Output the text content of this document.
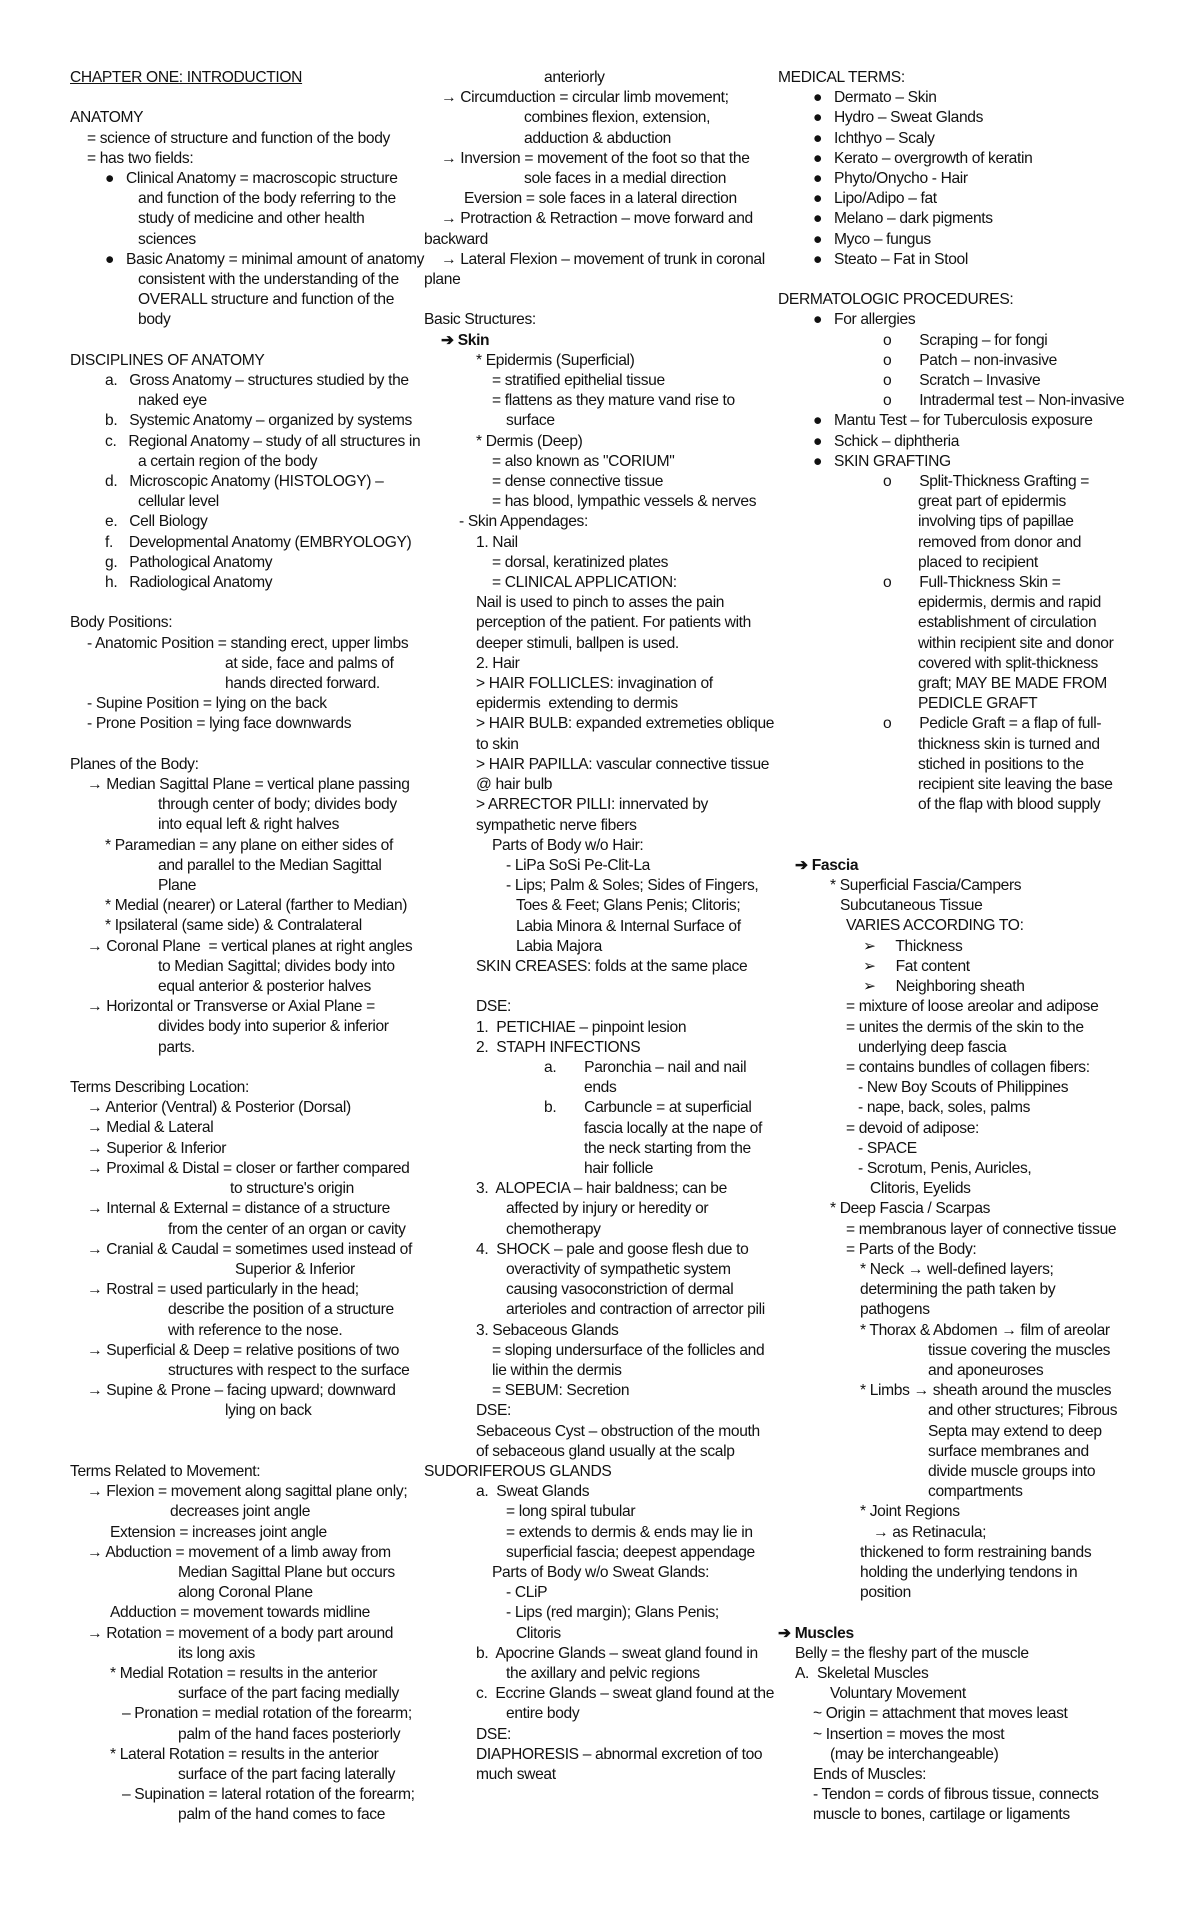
CHAPTER ONE: INTRODUCTION
ANATOMY
= science of structure and function of the body
= has two fields:
●   Clinical Anatomy = macroscopic structure
and function of the body referring to the
study of medicine and other health
sciences
●   Basic Anatomy = minimal amount of anatomy
consistent with the understanding of the
OVERALL structure and function of the
body
DISCIPLINES OF ANATOMY
a.   Gross Anatomy – structures studied by the
naked eye
b.   Systemic Anatomy – organized by systems
c.   Regional Anatomy – study of all structures in
a certain region of the body
d.   Microscopic Anatomy (HISTOLOGY) –
cellular level
e.   Cell Biology
f.    Developmental Anatomy (EMBRYOLOGY)
g.   Pathological Anatomy
h.   Radiological Anatomy
Body Positions:
- Anatomic Position = standing erect, upper limbs
at side, face and palms of
hands directed forward.
- Supine Position = lying on the back
- Prone Position = lying face downwards
Planes of the Body:
→ Median Sagittal Plane = vertical plane passing
through center of body; divides body
into equal left & right halves
* Paramedian = any plane on either sides of
and parallel to the Median Sagittal
Plane
* Medial (nearer) or Lateral (farther to Median)
* Ipsilateral (same side) & Contralateral
→ Coronal Plane  = vertical planes at right angles
to Median Sagittal; divides body into
equal anterior & posterior halves
→ Horizontal or Transverse or Axial Plane =
divides body into superior & inferior
parts.
Terms Describing Location:
→ Anterior (Ventral) & Posterior (Dorsal)
→ Medial & Lateral
→ Superior & Inferior
→ Proximal & Distal = closer or farther compared
to structure's origin
→ Internal & External = distance of a structure
from the center of an organ or cavity
→ Cranial & Caudal = sometimes used instead of
Superior & Inferior
→ Rostral = used particularly in the head;
describe the position of a structure
with reference to the nose.
→ Superficial & Deep = relative positions of two
structures with respect to the surface
→ Supine & Prone – facing upward; downward
lying on back
Terms Related to Movement:
→ Flexion = movement along sagittal plane only;
decreases joint angle
Extension = increases joint angle
→ Abduction = movement of a limb away from
Median Sagittal Plane but occurs
along Coronal Plane
Adduction = movement towards midline
→ Rotation = movement of a body part around
its long axis
* Medial Rotation = results in the anterior
surface of the part facing medially
– Pronation = medial rotation of the forearm;
palm of the hand faces posteriorly
* Lateral Rotation = results in the anterior
surface of the part facing laterally
– Supination = lateral rotation of the forearm;
palm of the hand comes to face
anteriorly
→ Circumduction = circular limb movement;
combines flexion, extension,
adduction & abduction
→ Inversion = movement of the foot so that the
sole faces in a medial direction
Eversion = sole faces in a lateral direction
→ Protraction & Retraction – move forward and
backward
→ Lateral Flexion – movement of trunk in coronal
plane
Basic Structures:
➔ Skin
* Epidermis (Superficial)
= stratified epithelial tissue
= flattens as they mature vand rise to
surface
* Dermis (Deep)
= also known as "CORIUM"
= dense connective tissue
= has blood, lympathic vessels & nerves
- Skin Appendages:
1. Nail
= dorsal, keratinized plates
= CLINICAL APPLICATION:
Nail is used to pinch to asses the pain
perception of the patient. For patients with
deeper stimuli, ballpen is used.
2. Hair
> HAIR FOLLICLES: invagination of
epidermis  extending to dermis
> HAIR BULB: expanded extremeties oblique
to skin
> HAIR PAPILLA: vascular connective tissue
@ hair bulb
> ARRECTOR PILLI: innervated by
sympathetic nerve fibers
Parts of Body w/o Hair:
- LiPa SoSi Pe-Clit-La
- Lips; Palm & Soles; Sides of Fingers,
Toes & Feet; Glans Penis; Clitoris;
Labia Minora & Internal Surface of
Labia Majora
SKIN CREASES: folds at the same place
DSE:
1.  PETICHIAE – pinpoint lesion
2.  STAPH INFECTIONS
a.       Paronchia – nail and nail
ends
b.       Carbuncle = at superficial
fascia locally at the nape of
the neck starting from the
hair follicle
3.  ALOPECIA – hair baldness; can be
affected by injury or heredity or
chemotherapy
4.  SHOCK – pale and goose flesh due to
overactivity of sympathetic system
causing vasoconstriction of dermal
arterioles and contraction of arrector pili
3. Sebaceous Glands
= sloping undersurface of the follicles and
lie within the dermis
= SEBUM: Secretion
DSE:
Sebaceous Cyst – obstruction of the mouth
of sebaceous gland usually at the scalp
SUDORIFEROUS GLANDS
a.  Sweat Glands
= long spiral tubular
= extends to dermis & ends may lie in
superficial fascia; deepest appendage
Parts of Body w/o Sweat Glands:
- CLiP
- Lips (red margin); Glans Penis;
Clitoris
b.  Apocrine Glands – sweat gland found in
the axillary and pelvic regions
c.  Eccrine Glands – sweat gland found at the
entire body
DSE:
DIAPHORESIS – abnormal excretion of too
much sweat
MEDICAL TERMS:
●   Dermato – Skin
●   Hydro – Sweat Glands
●   Ichthyo – Scaly
●   Kerato – overgrowth of keratin
●   Phyto/Onycho - Hair
●   Lipo/Adipo – fat
●   Melano – dark pigments
●   Myco – fungus
●   Steato – Fat in Stool
DERMATOLOGIC PROCEDURES:
●   For allergies
o       Scraping – for fongi
o       Patch – non-invasive
o       Scratch – Invasive
o       Intradermal test – Non-invasive
●   Mantu Test – for Tuberculosis exposure
●   Schick – diphtheria
●   SKIN GRAFTING
o       Split-Thickness Grafting =
great part of epidermis
involving tips of papillae
removed from donor and
placed to recipient
o       Full-Thickness Skin =
epidermis, dermis and rapid
establishment of circulation
within recipient site and donor
covered with split-thickness
graft; MAY BE MADE FROM
PEDICLE GRAFT
o       Pedicle Graft = a flap of full-
thickness skin is turned and
stiched in positions to the
recipient site leaving the base
of the flap with blood supply
➔ Fascia
* Superficial Fascia/Campers
Subcutaneous Tissue
VARIES ACCORDING TO:
➢     Thickness
➢     Fat content
➢     Neighboring sheath
= mixture of loose areolar and adipose
= unites the dermis of the skin to the
underlying deep fascia
= contains bundles of collagen fibers:
- New Boy Scouts of Philippines
- nape, back, soles, palms
= devoid of adipose:
- SPACE
- Scrotum, Penis, Auricles,
Clitoris, Eyelids
* Deep Fascia / Scarpas
= membranous layer of connective tissue
= Parts of the Body:
* Neck → well-defined layers;
determining the path taken by
pathogens
* Thorax & Abdomen → film of areolar
tissue covering the muscles
and aponeuroses
* Limbs → sheath around the muscles
and other structures; Fibrous
Septa may extend to deep
surface membranes and
divide muscle groups into
compartments
* Joint Regions
→ as Retinacula;
thickened to form restraining bands
holding the underlying tendons in
position
➔ Muscles
Belly = the fleshy part of the muscle
A.  Skeletal Muscles
Voluntary Movement
~ Origin = attachment that moves least
~ Insertion = moves the most
(may be interchangeable)
Ends of Muscles:
- Tendon = cords of fibrous tissue, connects
muscle to bones, cartilage or ligaments
